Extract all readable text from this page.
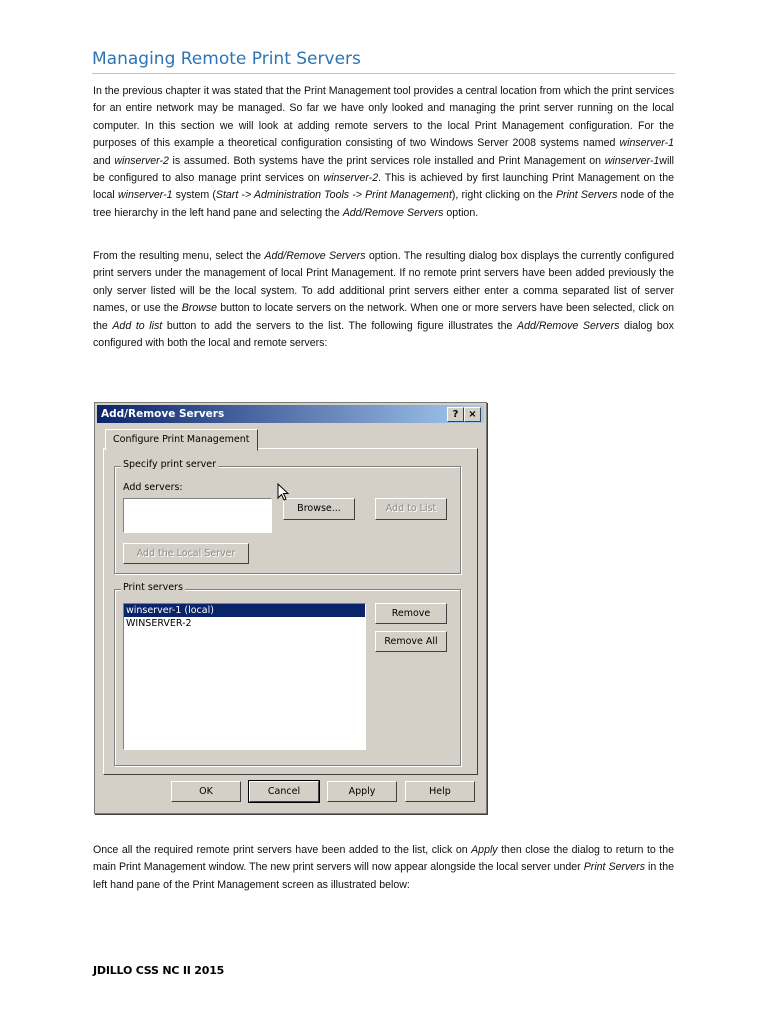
Managing Remote Print Servers
In the previous chapter it was stated that the Print Management tool provides a central location from which the print services for an entire network may be managed. So far we have only looked and managing the print server running on the local computer. In this section we will look at adding remote servers to the local Print Management configuration. For the purposes of this example a theoretical configuration consisting of two Windows Server 2008 systems named winserver-1 and winserver-2 is assumed. Both systems have the print services role installed and Print Management on winserver-1will be configured to also manage print services on winserver-2. This is achieved by first launching Print Management on the local winserver-1 system (Start -> Administration Tools -> Print Management), right clicking on the Print Servers node of the tree hierarchy in the left hand pane and selecting the Add/Remove Servers option.
From the resulting menu, select the Add/Remove Servers option. The resulting dialog box displays the currently configured print servers under the management of local Print Management. If no remote print servers have been added previously the only server listed will be the local system. To add additional print servers either enter a comma separated list of server names, or use the Browse button to locate servers on the network. When one or more servers have been selected, click on the Add to list button to add the servers to the list. The following figure illustrates the Add/Remove Servers dialog box configured with both the local and remote servers:
Add/Remove Servers	? ×
Configure Print Management
Specify print server
Add servers:
Browse...	Add to List
Add the Local Server
Print servers
winserver-1 (local)
WINSERVER-2
Remove
Remove All
OK	Cancel	Apply	Help
Once all the required remote print servers have been added to the list, click on Apply then close the dialog to return to the main Print Management window. The new print servers will now appear alongside the local server under Print Servers in the left hand pane of the Print Management screen as illustrated below:
JDILLO CSS NC II 2015
